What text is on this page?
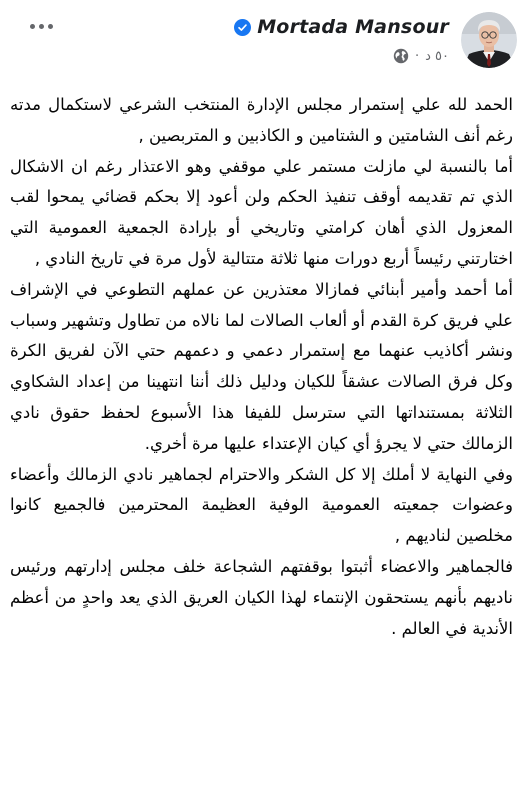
Mortada Mansour
· ٥٠ د

الحمد لله علي إستمرار مجلس الإدارة المنتخب الشرعي لاستكمال مدته رغم أنف الشامتين و الشتامين و الكاذبين و المتربصين ,

أما بالنسبة لي مازلت مستمر علي موقفي وهو الاعتذار رغم ان الاشكال الذي تم تقديمه أوقف تنفيذ الحكم ولن أعود إلا بحكم قضائي يمحوا لقب المعزول الذي أهان كرامتي وتاريخي أو بإرادة الجمعية العمومية التي اختارتني رئيساً أربع دورات منها ثلاثة متتالية لأول مرة في تاريخ النادي ,

أما أحمد وأمير أبنائي فمازالا معتذرين عن عملهم التطوعي في الإشراف علي فريق كرة القدم أو ألعاب الصالات لما نالاه من تطاول وتشهير وسباب ونشر أكاذيب عنهما مع إستمرار دعمي و دعمهم حتي الآن لفريق الكرة وكل فرق الصالات عشقاً للكيان ودليل ذلك أننا انتهينا من إعداد الشكاوي الثلاثة بمستنداتها التي سترسل للفيفا هذا الأسبوع لحفظ حقوق نادي الزمالك حتي لا يجرؤ أي كيان الإعتداء عليها مرة أخري.

وفي النهاية لا أملك إلا كل الشكر والاحترام لجماهير نادي الزمالك وأعضاء وعضوات جمعيته العمومية الوفية العظيمة المحترمين فالجميع كانوا مخلصين لناديهم ,

فالجماهير والاعضاء أثبتوا بوقفتهم الشجاعة خلف مجلس إدارتهم ورئيس ناديهم بأنهم يستحقون الإنتماء لهذا الكيان العريق الذي يعد واحدٍ من أعظم الأندية في العالم .
